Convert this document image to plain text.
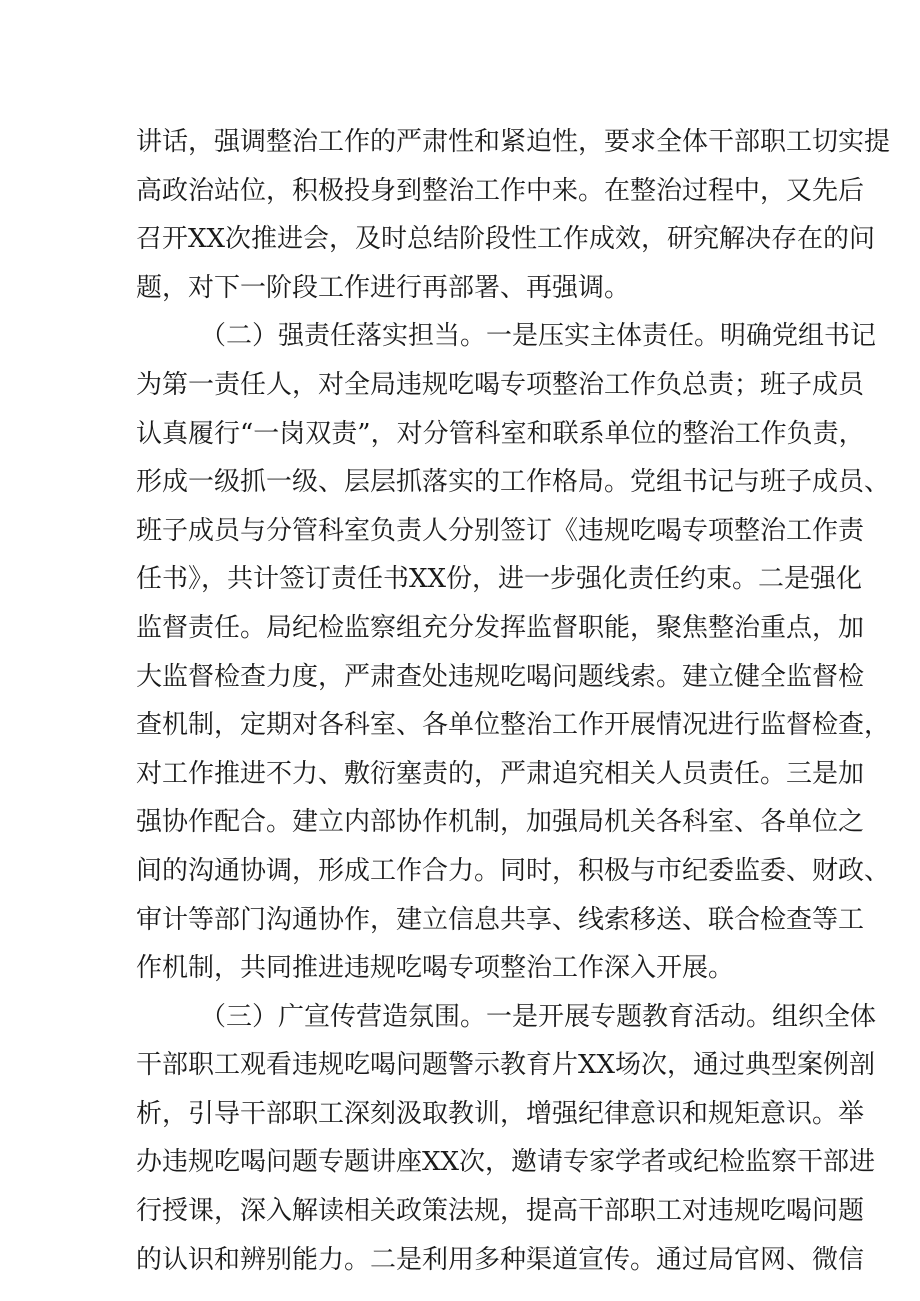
讲话，强调整治工作的严肃性和紧迫性，要求全体干部职工切实提
高政治站位，积极投身到整治工作中来。在整治过程中，又先后
召开XX次推进会，及时总结阶段性工作成效，研究解决存在的问
题，对下一阶段工作进行再部署、再强调。
（二）强责任落实担当。一是压实主体责任。明确党组书记
为第一责任人，对全局违规吃喝专项整治工作负总责；班子成员
认真履行“一岗双责”，对分管科室和联系单位的整治工作负责，
形成一级抓一级、层层抓落实的工作格局。党组书记与班子成员、
班子成员与分管科室负责人分别签订《违规吃喝专项整治工作责
任书》，共计签订责任书XX份，进一步强化责任约束。二是强化
监督责任。局纪检监察组充分发挥监督职能，聚焦整治重点，加
大监督检查力度，严肃查处违规吃喝问题线索。建立健全监督检
查机制，定期对各科室、各单位整治工作开展情况进行监督检查，
对工作推进不力、敷衍塞责的，严肃追究相关人员责任。三是加
强协作配合。建立内部协作机制，加强局机关各科室、各单位之
间的沟通协调，形成工作合力。同时，积极与市纪委监委、财政、
审计等部门沟通协作，建立信息共享、线索移送、联合检查等工
作机制，共同推进违规吃喝专项整治工作深入开展。
（三）广宣传营造氛围。一是开展专题教育活动。组织全体
干部职工观看违规吃喝问题警示教育片XX场次，通过典型案例剖
析，引导干部职工深刻汲取教训，增强纪律意识和规矩意识。举
办违规吃喝问题专题讲座XX次，邀请专家学者或纪检监察干部进
行授课，深入解读相关政策法规，提高干部职工对违规吃喝问题
的认识和辨别能力。二是利用多种渠道宣传。通过局官网、微信
